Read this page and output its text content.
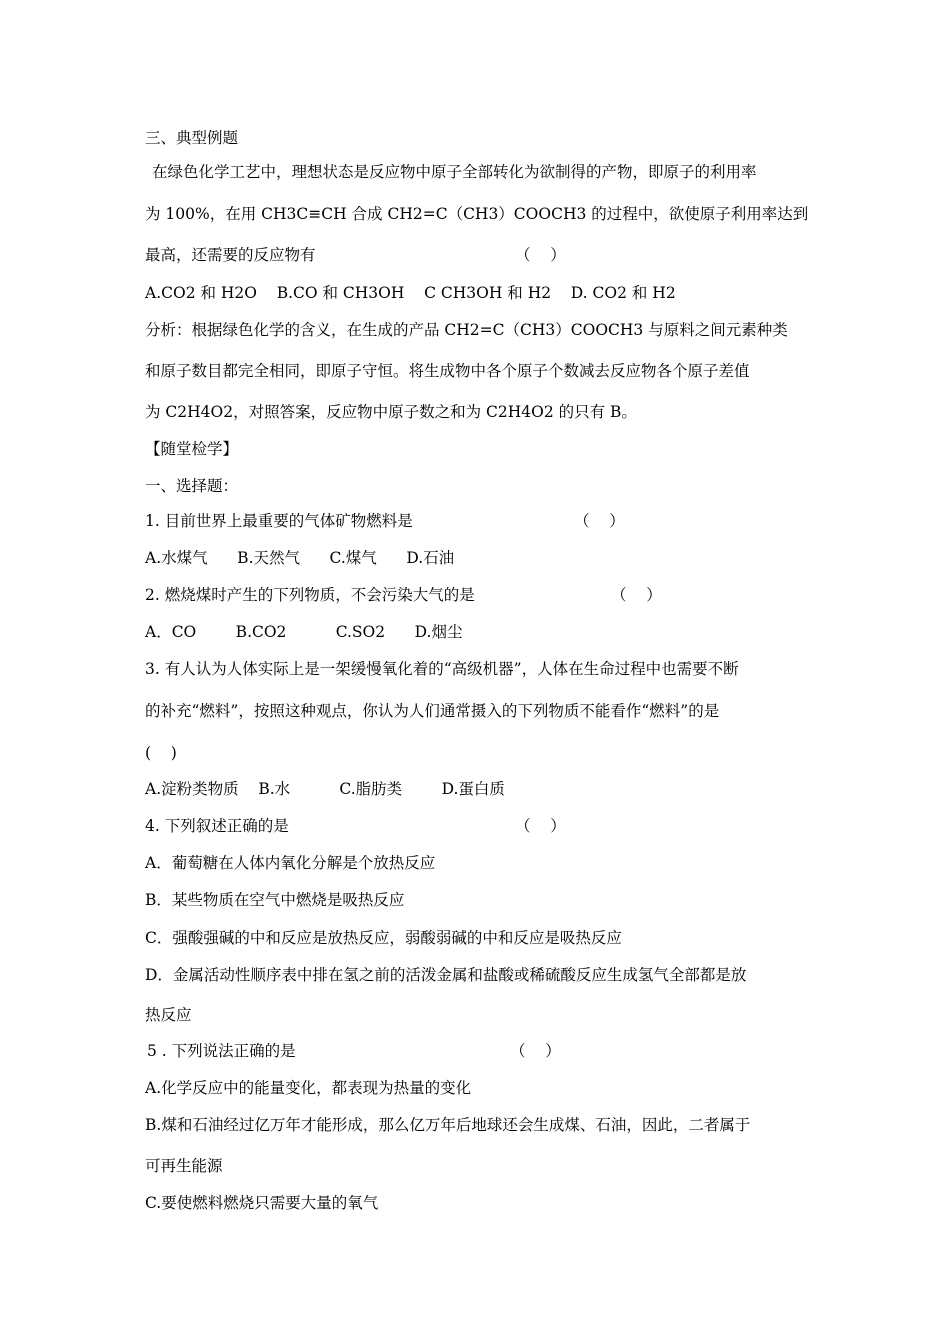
三、典型例题

在绿色化学工艺中，理想状态是反应物中原子全部转化为欲制得的产物，即原子的利用率

为 100%，在用 CH3C≡CH 合成 CH2=C（CH3）COOCH3 的过程中，欲使原子利用率达到

最高，还需要的反应物有	（    ）

A.CO2 和 H2O    B.CO 和 CH3OH    C CH3OH 和 H2    D. CO2 和 H2

分析：根据绿色化学的含义，在生成的产品 CH2=C（CH3）COOCH3 与原料之间元素种类

和原子数目都完全相同，即原子守恒。将生成物中各个原子个数减去反应物各个原子差值

为 C2H4O2，对照答案，反应物中原子数之和为 C2H4O2 的只有 B。

【随堂检学】

一、选择题：

1. 目前世界上最重要的气体矿物燃料是	（    ）

A.水煤气      B.天然气      C.煤气      D.石油

2. 燃烧煤时产生的下列物质，不会污染大气的是	（    ）

A．CO        B.CO2          C.SO2      D.烟尘

3. 有人认为人体实际上是一架缓慢氧化着的“高级机器”，人体在生命过程中也需要不断

的补充“燃料”，按照这种观点，你认为人们通常摄入的下列物质不能看作“燃料”的是

(    )

A.淀粉类物质    B.水          C.脂肪类        D.蛋白质

4. 下列叙述正确的是	（    ）

A．葡萄糖在人体内氧化分解是个放热反应

B．某些物质在空气中燃烧是吸热反应

C．强酸强碱的中和反应是放热反应，弱酸弱碱的中和反应是吸热反应

D．金属活动性顺序表中排在氢之前的活泼金属和盐酸或稀硫酸反应生成氢气全部都是放

热反应

5 . 下列说法正确的是	（    ）

A.化学反应中的能量变化，都表现为热量的变化

B.煤和石油经过亿万年才能形成，那么亿万年后地球还会生成煤、石油，因此，二者属于

可再生能源

C.要使燃料燃烧只需要大量的氧气
